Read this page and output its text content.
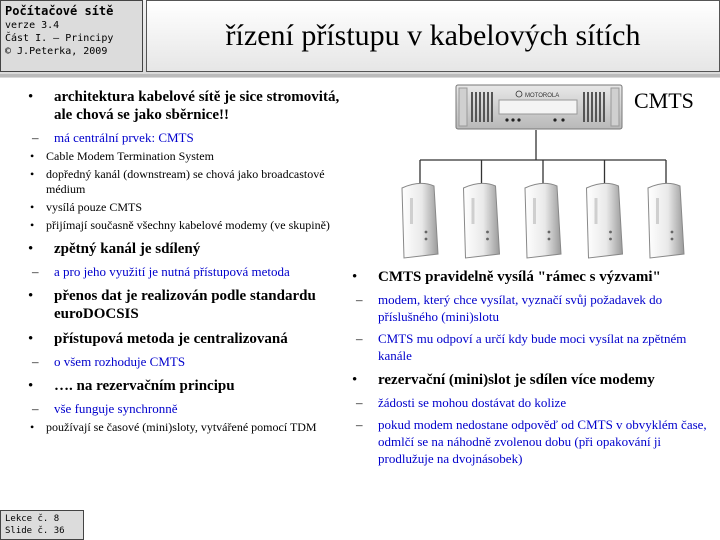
Počítačové sítě
verze 3.4
Část I. – Principy
© J.Peterka, 2009	řízení přístupu v kabelových sítích
• architektura kabelové sítě je sice stromovitá, ale chová se jako sběrnice!!
– má centrální prvek: CMTS
• Cable Modem Termination System
• dopředný kanál (downstream) se chová jako broadcastové médium
• vysílá pouze CMTS
• přijímají současně všechny kabelové modemy (ve skupině)
• zpětný kanál je sdílený
– a pro jeho využití je nutná přístupová metoda
• přenos dat je realizován podle standardu euroDOCSIS
• přístupová metoda je centralizovaná
– o všem rozhoduje CMTS
• …. na rezervačním principu
– vše funguje synchronně
• používají se časové (mini)sloty, vytvářené pomocí TDM
MOTOROLA	CMTS
• CMTS pravidelně vysílá "rámec s výzvami"
– modem, který chce vysílat, vyznačí svůj požadavek do příslušného (mini)slotu
– CMTS mu odpoví a určí kdy bude moci vysílat na zpětném kanále
• rezervační (mini)slot je sdílen více modemy
– žádosti se mohou dostávat do kolize
– pokud modem nedostane odpověď od CMTS v obvyklém čase, odmlčí se na náhodně zvolenou dobu (při opakování ji prodlužuje na dvojnásobek)
Lekce č. 8
Slide č. 36
